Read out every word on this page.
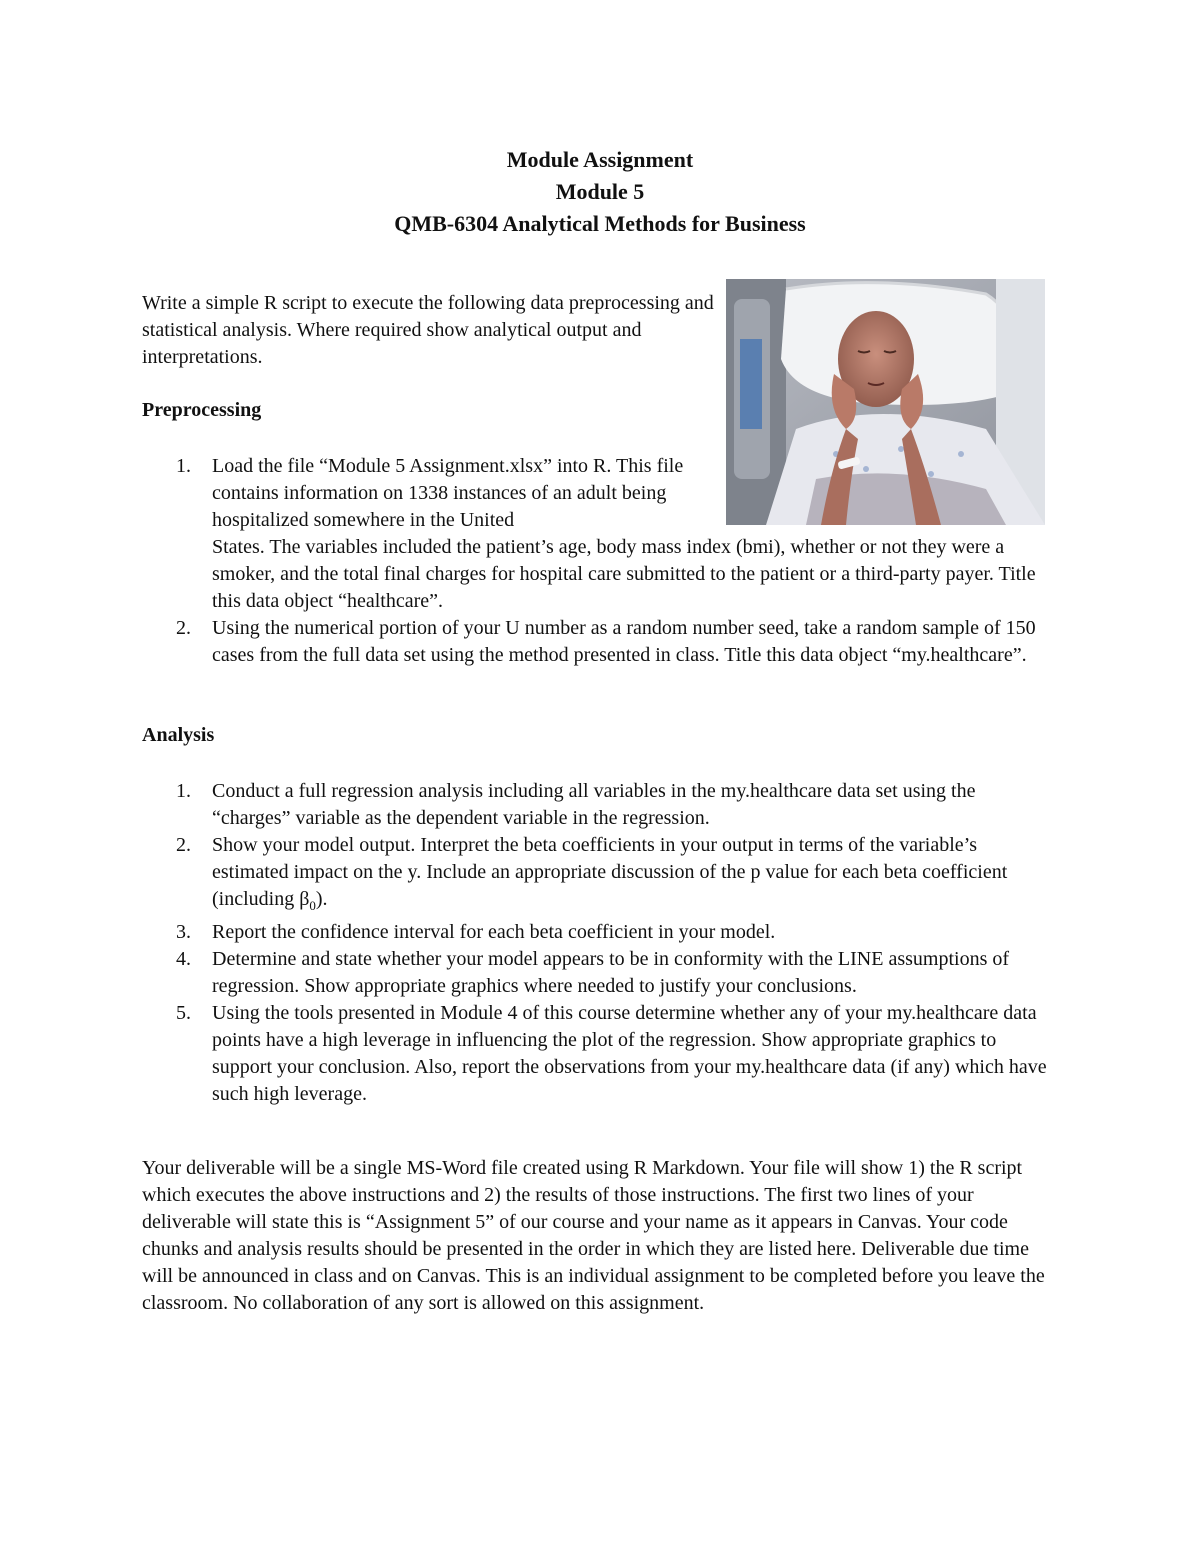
Module Assignment
Module 5
QMB-6304 Analytical Methods for Business

Write a simple R script to execute the following data preprocessing and statistical analysis. Where required show analytical output and interpretations.

Preprocessing
1. Load the file “Module 5 Assignment.xlsx” into R. This file contains information on 1338 instances of an adult being hospitalized somewhere in the United
States. The variables included the patient’s age, body mass index (bmi), whether or not they were a smoker, and the total final charges for hospital care submitted to the patient or a third-party payer. Title this data object “healthcare”.
2. Using the numerical portion of your U number as a random number seed, take a random sample of 150 cases from the full data set using the method presented in class. Title this data object “my.healthcare”.
Analysis
1. Conduct a full regression analysis including all variables in the my.healthcare data set using the “charges” variable as the dependent variable in the regression.
2. Show your model output. Interpret the beta coefficients in your output in terms of the variable’s estimated impact on the y. Include an appropriate discussion of the p value for each beta coefficient (including $\beta_0$).
3. Report the confidence interval for each beta coefficient in your model.
4. Determine and state whether your model appears to be in conformity with the LINE assumptions of regression. Show appropriate graphics where needed to justify your conclusions.
5. Using the tools presented in Module 4 of this course determine whether any of your my.healthcare data points have a high leverage in influencing the plot of the regression. Show appropriate graphics to support your conclusion. Also, report the observations from your my.healthcare data (if any) which have such high leverage.

Your deliverable will be a single MS-Word file created using R Markdown. Your file will show 1) the R script which executes the above instructions and 2) the results of those instructions. The first two lines of your deliverable will state this is “Assignment 5” of our course and your name as it appears in Canvas. Your code chunks and analysis results should be presented in the order in which they are listed here. Deliverable due time will be announced in class and on Canvas. This is an individual assignment to be completed before you leave the classroom. No collaboration of any sort is allowed on this assignment.
